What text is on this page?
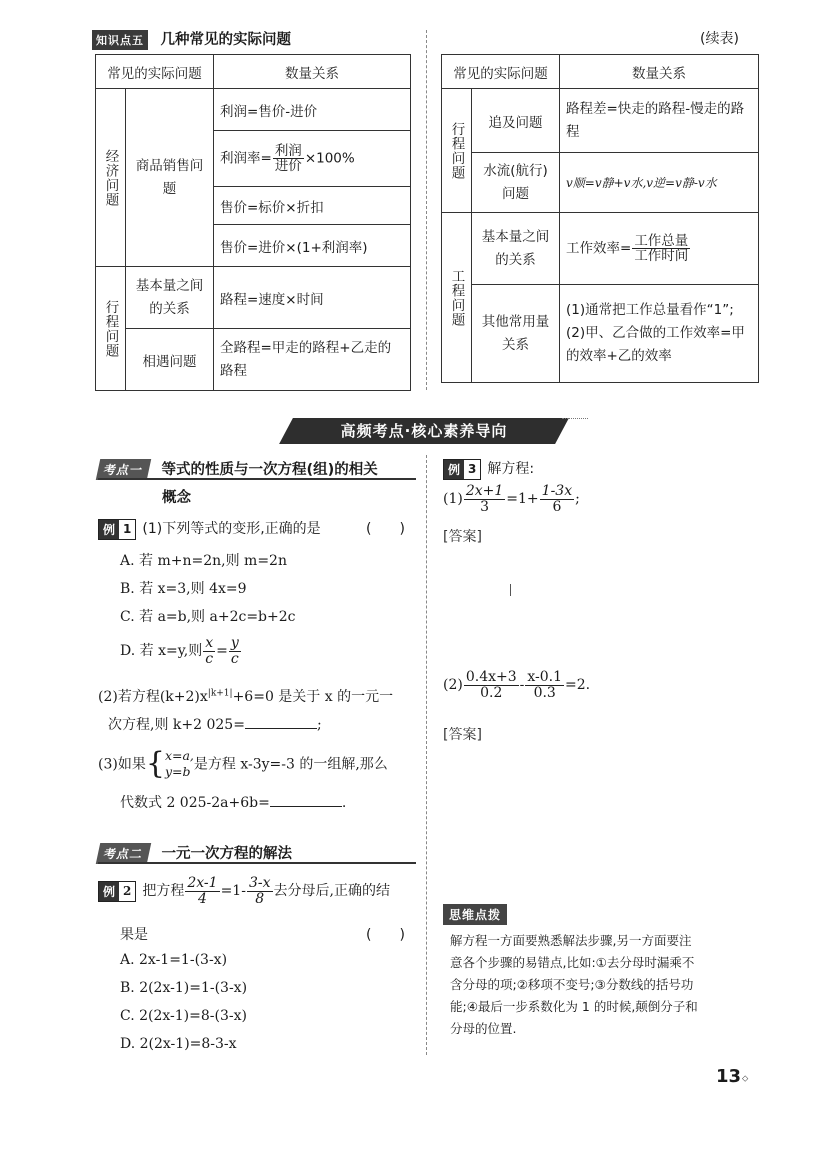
知识点五 几种常见的实际问题	(续表)
常见的实际问题		数量关系

经济问题	商品销售问题	利润=售价-进价
		利润率= $\frac{\text{利润}}{\text{进价}} \times 100\%$
		售价=标价×折扣
		售价=进价×(1+利润率)

行程问题	基本量之间的关系	路程=速度×时间
	相遇问题	全路程=甲走的路程+乙走的路程
常见的实际问题		数量关系

行程问题	追及问题	路程差=快走的路程-慢走的路程
	水流(航行)问题	v顺=v静+v水,v逆=v静-v水

工程问题	基本量之间的关系	工作效率= $\frac{\text{工作总量}}{\text{工作时间}}$

	其他常用量关系	(1)通常把工作总量看作“1”;
(2)甲、乙合做的工作效率=甲的效率+乙的效率
高频考点·核心素养导向
考点一 等式的性质与一次方程(组)的相关
概念
例 1 (1)下列等式的变形,正确的是	(　　)
A. 若 m+n=2n,则 m=2n
B. 若 x=3,则 4x=9
C. 若 a=b,则 a+2c=b+2c
D. 若 x=y,则 $\frac{x}{c} = \frac{y}{c}$
(2)若方程$(k+2)x^{|k+1|}+6=0$ 是关于 x 的一元一
次方程,则 k+2 025=	;
(3)如果 { x=a,
y=b 是方程 x-3y=-3 的一组解,那么
代数式 2 025-2a+6b=	.
考点二 一元一次方程的解法
例 2 把方程 $\frac{2x-1}{4} =1- \frac{3-x}{8}$ 去分母后,正确的结
果是	(　　)
A. 2x-1=1-(3-x)
B. 2(2x-1)=1-(3-x)
C. 2(2x-1)=8-(3-x)
D. 2(2x-1)=8-3-x
例 3 解方程:
$(1) \frac{2x+1}{3} =1+ \frac{1-3x}{6}$ ;
[答案]
$(2) \frac{0.4x+3}{0.2} - \frac{x-0.1}{0.3} =2$.
[答案]
思维点拨
解方程一方面要熟悉解法步骤,另一方面要注
意各个步骤的易错点,比如:①去分母时漏乘不
含分母的项;②移项不变号;③分数线的括号功
能;④最后一步系数化为 1 的时候,颠倒分子和
分母的位置.
13 ⬦
